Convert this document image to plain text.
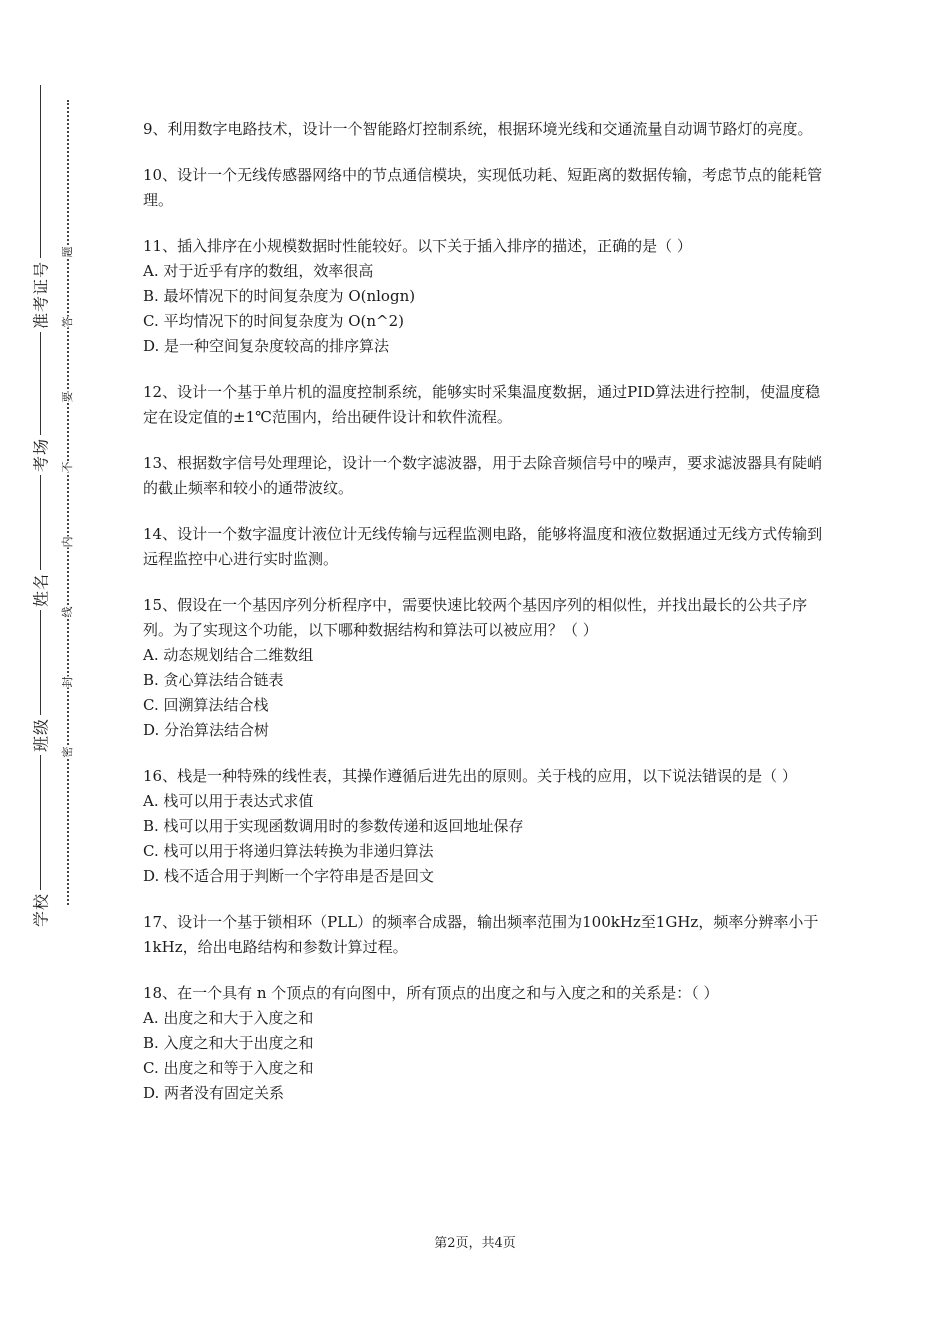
学校
班级
姓名
考场
准考证号
题
答
要
不
内
线
封
密

9、利用数字电路技术，设计一个智能路灯控制系统，根据环境光线和交通流量自动调节路灯的亮度。

10、设计一个无线传感器网络中的节点通信模块，实现低功耗、短距离的数据传输，考虑节点的能耗管理。

11、插入排序在小规模数据时性能较好。以下关于插入排序的描述，正确的是（ ）

A. 对于近乎有序的数组，效率很高

B. 最坏情况下的时间复杂度为 O(nlogn)

C. 平均情况下的时间复杂度为 O(n^2)

D. 是一种空间复杂度较高的排序算法

12、设计一个基于单片机的温度控制系统，能够实时采集温度数据，通过PID算法进行控制，使温度稳定在设定值的±1℃范围内，给出硬件设计和软件流程。

13、根据数字信号处理理论，设计一个数字滤波器，用于去除音频信号中的噪声，要求滤波器具有陡峭的截止频率和较小的通带波纹。

14、设计一个数字温度计液位计无线传输与远程监测电路，能够将温度和液位数据通过无线方式传输到远程监控中心进行实时监测。

15、假设在一个基因序列分析程序中，需要快速比较两个基因序列的相似性，并找出最长的公共子序列。为了实现这个功能，以下哪种数据结构和算法可以被应用？（ ）

A. 动态规划结合二维数组

B. 贪心算法结合链表

C. 回溯算法结合栈

D. 分治算法结合树

16、栈是一种特殊的线性表，其操作遵循后进先出的原则。关于栈的应用，以下说法错误的是（ ）

A. 栈可以用于表达式求值

B. 栈可以用于实现函数调用时的参数传递和返回地址保存

C. 栈可以用于将递归算法转换为非递归算法

D. 栈不适合用于判断一个字符串是否是回文

17、设计一个基于锁相环（PLL）的频率合成器，输出频率范围为100kHz至1GHz，频率分辨率小于1kHz，给出电路结构和参数计算过程。

18、在一个具有 n 个顶点的有向图中，所有顶点的出度之和与入度之和的关系是：（ ）

A. 出度之和大于入度之和

B. 入度之和大于出度之和

C. 出度之和等于入度之和

D. 两者没有固定关系

第2页，共4页
